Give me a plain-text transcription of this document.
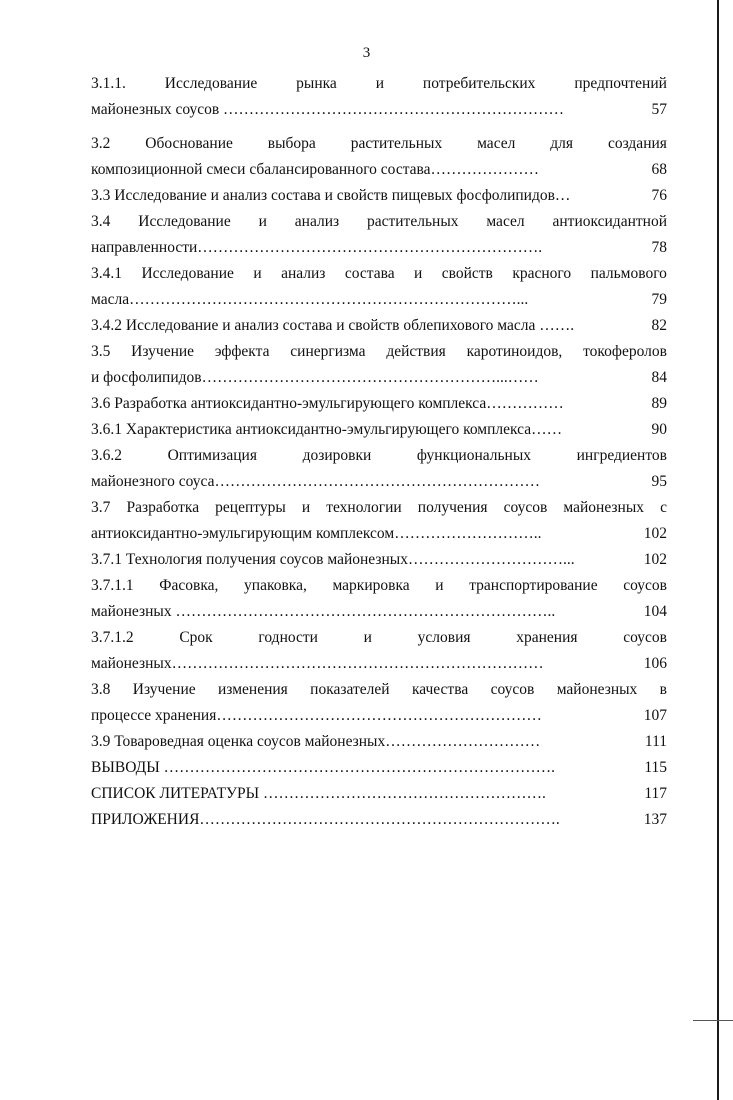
3
3.1.1.	Исследование	рынка	и	потребительских	предпочтений
майонезных соусов …………………………………………………………	57
3.2 Обоснование выбора растительных масел для создания
композиционной смеси сбалансированного состава…………………	68
3.3 Исследование и анализ состава и свойств пищевых фосфолипидов…	76
3.4 Исследование и анализ растительных масел антиоксидантной
направленности………………………………………………………….	78
3.4.1 Исследование и анализ состава и свойств красного пальмового
масла…………………………………………………………………...	79
3.4.2 Исследование и анализ состава и свойств облепихового масла …….	82
3.5 Изучение эффекта синергизма действия каротиноидов, токоферолов
и фосфолипидов…………………………………………………...……	84
3.6 Разработка антиоксидантно-эмульгирующего комплекса……………	89
3.6.1 Характеристика антиоксидантно-эмульгирующего комплекса……	90
3.6.2	Оптимизация	дозировки	функциональных	ингредиентов
майонезного соуса………………………………………………………	95
3.7 Разработка рецептуры и технологии получения соусов майонезных с
антиоксидантно-эмульгирующим комплексом………………………..	102
3.7.1 Технология получения соусов майонезных…………………………...	102
3.7.1.1 Фасовка, упаковка, маркировка и транспортирование соусов
майонезных ………………………………………………………………..	104
3.7.1.2	Срок	годности	и	условия	хранения	соусов
майонезных………………………………………………………………	106
3.8 Изучение изменения показателей качества соусов майонезных в
процессе хранения………………………………………………………	107
3.9 Товароведная оценка соусов майонезных…………………………	111
ВЫВОДЫ ………………………………………………………………….	115
СПИСОК ЛИТЕРАТУРЫ ……………………………………………….	117
ПРИЛОЖЕНИЯ…………………………………………………………….	137
